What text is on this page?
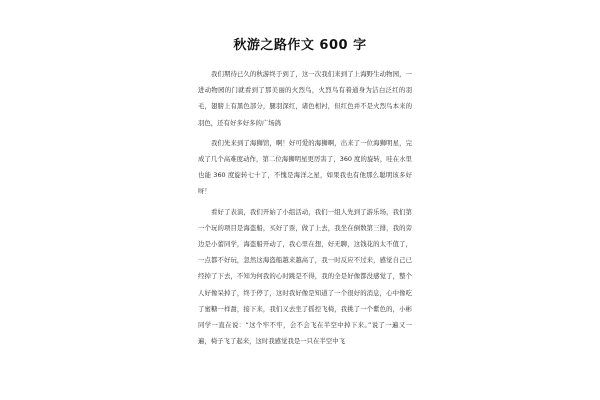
秋游之路作文 600 字

我们期待已久的秋游终于到了，这一次我们来到了上海野生动物园，一进动物园的门就看到了那美丽的火烈鸟，火烈鸟有着通身为洁白泛红的羽毛，翅膀上有黑色部分，腿羽深红，诸色相衬，但红色并不是火烈鸟本来的羽色，还有好多好多的广场鸽

我们先来到了海狮馆，啊！好可爱的海狮啊，出来了一位海狮明星，完成了几个高难度动作，第二位海狮明星更厉害了，360 度的旋转，哇在水里也能 360 度旋转七十了，不愧是海洋之星，如果我也有他那么聪明该多好呀！

看好了表演，我们开始了小组活动，我们一组人先到了游乐场，我们第一个玩的项目是海盗船，买好了票，做了上去，我坐在倒数第三排，我的旁边是小蕾同学，海盗船开动了，我心里在想，好无聊，这钱花的太不值了，一点都不好玩，忽然这海盗船越来越高了，我一时反应不过来，感觉自己已经掉了下去，不知为何我的心时跳是不得，我的全是好像都没感觉了，整个人好像呆掉了，终于停了，这时我好像是知道了一个很好的消息，心中像吃了蜜糖一样甜，接下来，我们又去坐了摇控飞椅，我挑了一个紫色的，小彬同学一直在说：“这个牢不牢，会不会飞在半空中掉下来。”说了一遍又一遍，椅子飞了起来，这时我感觉我是一只在半空中飞
